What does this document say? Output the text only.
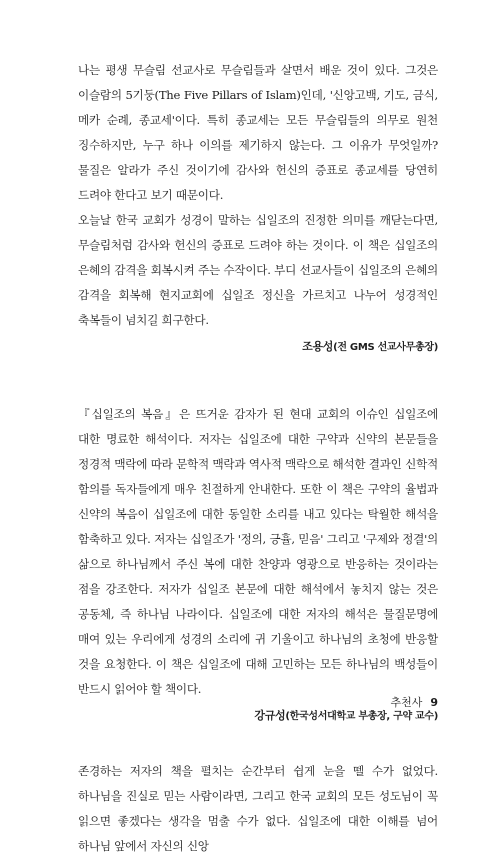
나는 평생 무슬림 선교사로 무슬림들과 살면서 배운 것이 있다. 그것은 이슬람의 5기둥(The Five Pillars of Islam)인데, '신앙고백, 기도, 금식, 메카 순례, 종교세'이다. 특히 종교세는 모든 무슬림들의 의무로 원천 징수하지만, 누구 하나 이의를 제기하지 않는다. 그 이유가 무엇일까? 물질은 알라가 주신 것이기에 감사와 헌신의 증표로 종교세를 당연히 드려야 한다고 보기 때문이다.

오늘날 한국 교회가 성경이 말하는 십일조의 진정한 의미를 깨닫는다면, 무슬림처럼 감사와 헌신의 증표로 드려야 하는 것이다. 이 책은 십일조의 은혜의 감격을 회복시켜 주는 수작이다. 부디 선교사들이 십일조의 은혜의 감격을 회복해 현지교회에 십일조 정신을 가르치고 나누어 성경적인 축복들이 넘치길 희구한다.

조용성(전 GMS 선교사무총장)

『십일조의 복음』은 뜨거운 감자가 된 현대 교회의 이슈인 십일조에 대한 명료한 해석이다. 저자는 십일조에 대한 구약과 신약의 본문들을 정경적 맥락에 따라 문학적 맥락과 역사적 맥락으로 해석한 결과인 신학적 함의를 독자들에게 매우 친절하게 안내한다. 또한 이 책은 구약의 율법과 신약의 복음이 십일조에 대한 동일한 소리를 내고 있다는 탁월한 해석을 함축하고 있다. 저자는 십일조가 '정의, 긍휼, 믿음' 그리고 '구제와 정결'의 삶으로 하나님께서 주신 복에 대한 찬양과 영광으로 반응하는 것이라는 점을 강조한다. 저자가 십일조 본문에 대한 해석에서 놓치지 않는 것은 공동체, 즉 하나님 나라이다. 십일조에 대한 저자의 해석은 물질문명에 매여 있는 우리에게 성경의 소리에 귀 기울이고 하나님의 초청에 반응할 것을 요청한다. 이 책은 십일조에 대해 고민하는 모든 하나님의 백성들이 반드시 읽어야 할 책이다.

강규성(한국성서대학교 부총장, 구약 교수)

존경하는 저자의 책을 펼치는 순간부터 쉽게 눈을 뗄 수가 없었다. 하나님을 진실로 믿는 사람이라면, 그리고 한국 교회의 모든 성도님이 꼭 읽으면 좋겠다는 생각을 멈출 수가 없다. 십일조에 대한 이해를 넘어 하나님 앞에서 자신의 신앙

추천사 9
